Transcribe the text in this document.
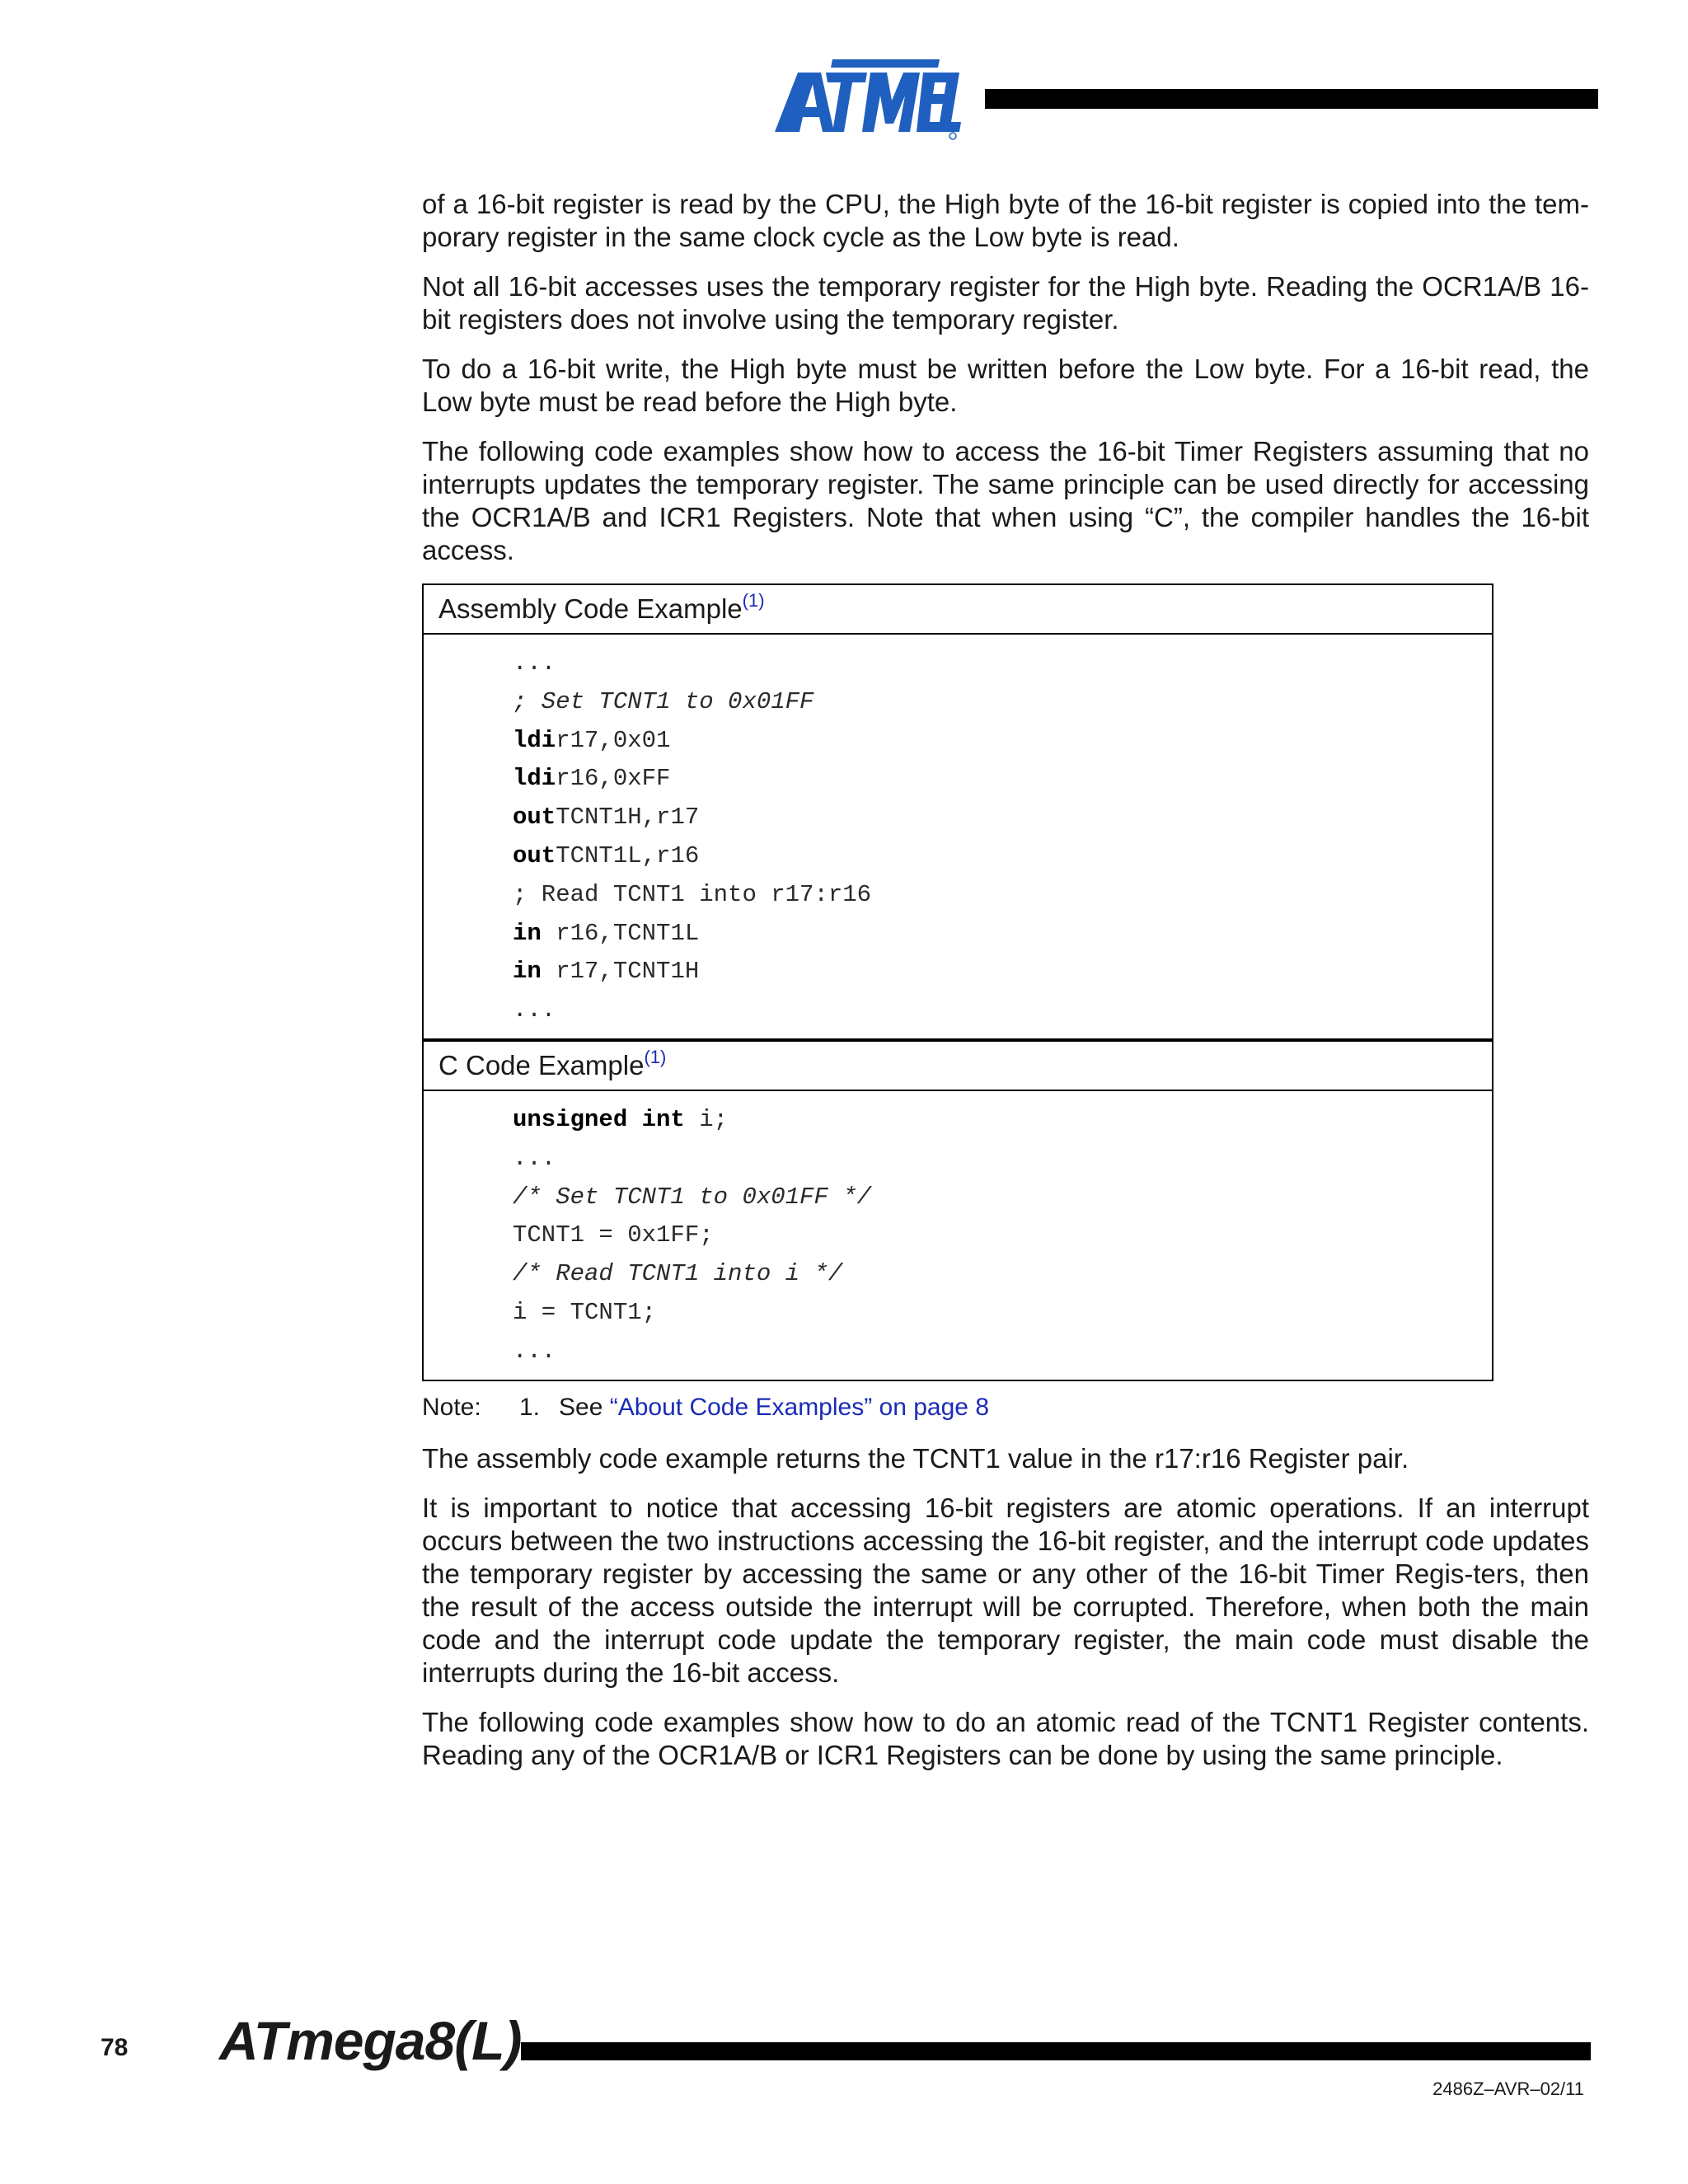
ATMEL

of a 16-bit register is read by the CPU, the High byte of the 16-bit register is copied into the tem-porary register in the same clock cycle as the Low byte is read.

Not all 16-bit accesses uses the temporary register for the High byte. Reading the OCR1A/B 16-bit registers does not involve using the temporary register.

To do a 16-bit write, the High byte must be written before the Low byte. For a 16-bit read, the Low byte must be read before the High byte.

The following code examples show how to access the 16-bit Timer Registers assuming that no interrupts updates the temporary register. The same principle can be used directly for accessing the OCR1A/B and ICR1 Registers. Note that when using “C”, the compiler handles the 16-bit access.

Assembly Code Example$^{(1)}$
...
; Set TCNT1 to 0x01FF
ldir17,0x01
ldir16,0xFF
outTCNT1H,r17
outTCNT1L,r16
; Read TCNT1 into r17:r16
in r16,TCNT1L
in r17,TCNT1H
...
C Code Example$^{(1)}$
unsigned int i;
...
/* Set TCNT1 to 0x01FF */
TCNT1 = 0x1FF;
/* Read TCNT1 into i */
i = TCNT1;
...
Note: 1. See “About Code Examples” on page 8

The assembly code example returns the TCNT1 value in the r17:r16 Register pair.

It is important to notice that accessing 16-bit registers are atomic operations. If an interrupt occurs between the two instructions accessing the 16-bit register, and the interrupt code updates the temporary register by accessing the same or any other of the 16-bit Timer Regis-ters, then the result of the access outside the interrupt will be corrupted. Therefore, when both the main code and the interrupt code update the temporary register, the main code must disable the interrupts during the 16-bit access.

The following code examples show how to do an atomic read of the TCNT1 Register contents. Reading any of the OCR1A/B or ICR1 Registers can be done by using the same principle.

78 ATmega8(L)
2486Z–AVR–02/11
